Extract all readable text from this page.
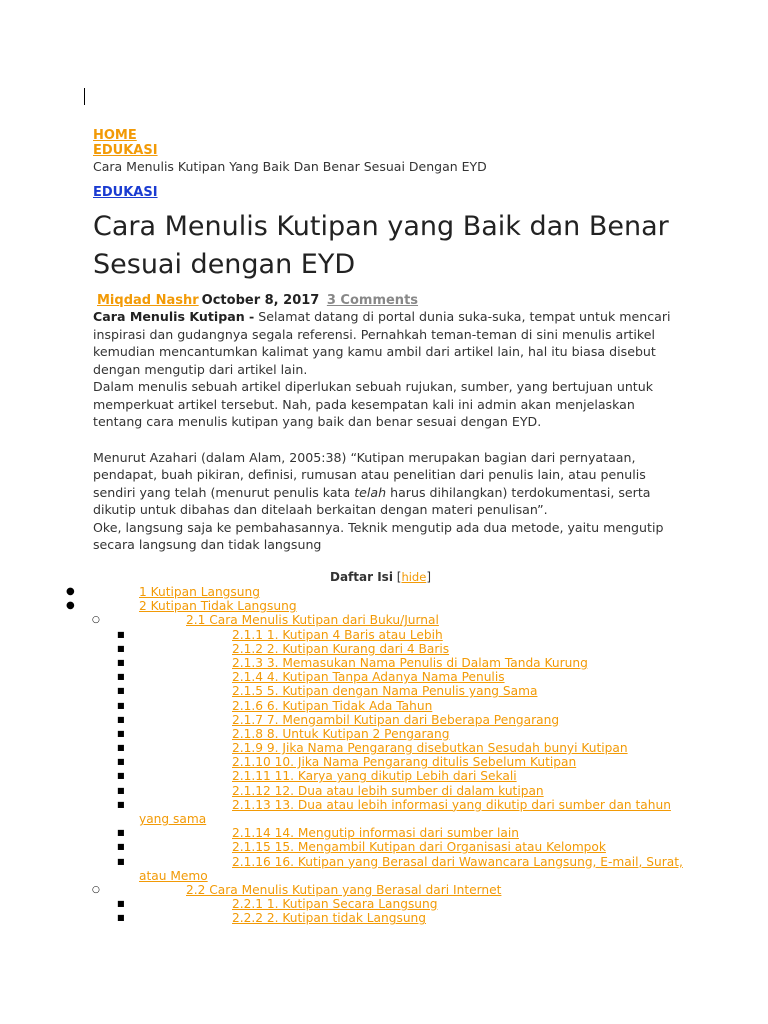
HOME
EDUKASI
Cara Menulis Kutipan Yang Baik Dan Benar Sesuai Dengan EYD
EDUKASI
Cara Menulis Kutipan yang Baik dan Benar Sesuai dengan EYD
Miqdad Nashr October 8, 2017 3 Comments

Cara Menulis Kutipan - Selamat datang di portal dunia suka-suka, tempat untuk mencari inspirasi dan gudangnya segala referensi. Pernahkah teman-teman di sini menulis artikel kemudian mencantumkan kalimat yang kamu ambil dari artikel lain, hal itu biasa disebut dengan mengutip dari artikel lain.

Dalam menulis sebuah artikel diperlukan sebuah rujukan, sumber, yang bertujuan untuk memperkuat artikel tersebut. Nah, pada kesempatan kali ini admin akan menjelaskan tentang cara menulis kutipan yang baik dan benar sesuai dengan EYD.

Menurut Azahari (dalam Alam, 2005:38) “Kutipan merupakan bagian dari pernyataan, pendapat, buah pikiran, definisi, rumusan atau penelitian dari penulis lain, atau penulis sendiri yang telah (menurut penulis kata telah harus dihilangkan) terdokumentasi, serta dikutip untuk dibahas dan ditelaah berkaitan dengan materi penulisan”.

Oke, langsung saja ke pembahasannya. Teknik mengutip ada dua metode, yaitu mengutip secara langsung dan tidak langsung

Daftar Isi [hide]
●	1 Kutipan Langsung
●	2 Kutipan Tidak Langsung
○	2.1 Cara Menulis Kutipan dari Buku/Jurnal
■	2.1.1 1. Kutipan 4 Baris atau Lebih
■	2.1.2 2. Kutipan Kurang dari 4 Baris
■	2.1.3 3. Memasukan Nama Penulis di Dalam Tanda Kurung
■	2.1.4 4. Kutipan Tanpa Adanya Nama Penulis
■	2.1.5 5. Kutipan dengan Nama Penulis yang Sama
■	2.1.6 6. Kutipan Tidak Ada Tahun
■	2.1.7 7. Mengambil Kutipan dari Beberapa Pengarang
■	2.1.8 8. Untuk Kutipan 2 Pengarang
■	2.1.9 9. Jika Nama Pengarang disebutkan Sesudah bunyi Kutipan
■	2.1.10 10. Jika Nama Pengarang ditulis Sebelum Kutipan
■	2.1.11 11. Karya yang dikutip Lebih dari Sekali
■	2.1.12 12. Dua atau lebih sumber di dalam kutipan
■	2.1.13 13. Dua atau lebih informasi yang dikutip dari sumber dan tahun yang sama
■	2.1.14 14. Mengutip informasi dari sumber lain
■	2.1.15 15. Mengambil Kutipan dari Organisasi atau Kelompok
■	2.1.16 16. Kutipan yang Berasal dari Wawancara Langsung, E-mail, Surat, atau Memo
○	2.2 Cara Menulis Kutipan yang Berasal dari Internet
■	2.2.1 1. Kutipan Secara Langsung
■	2.2.2 2. Kutipan tidak Langsung
